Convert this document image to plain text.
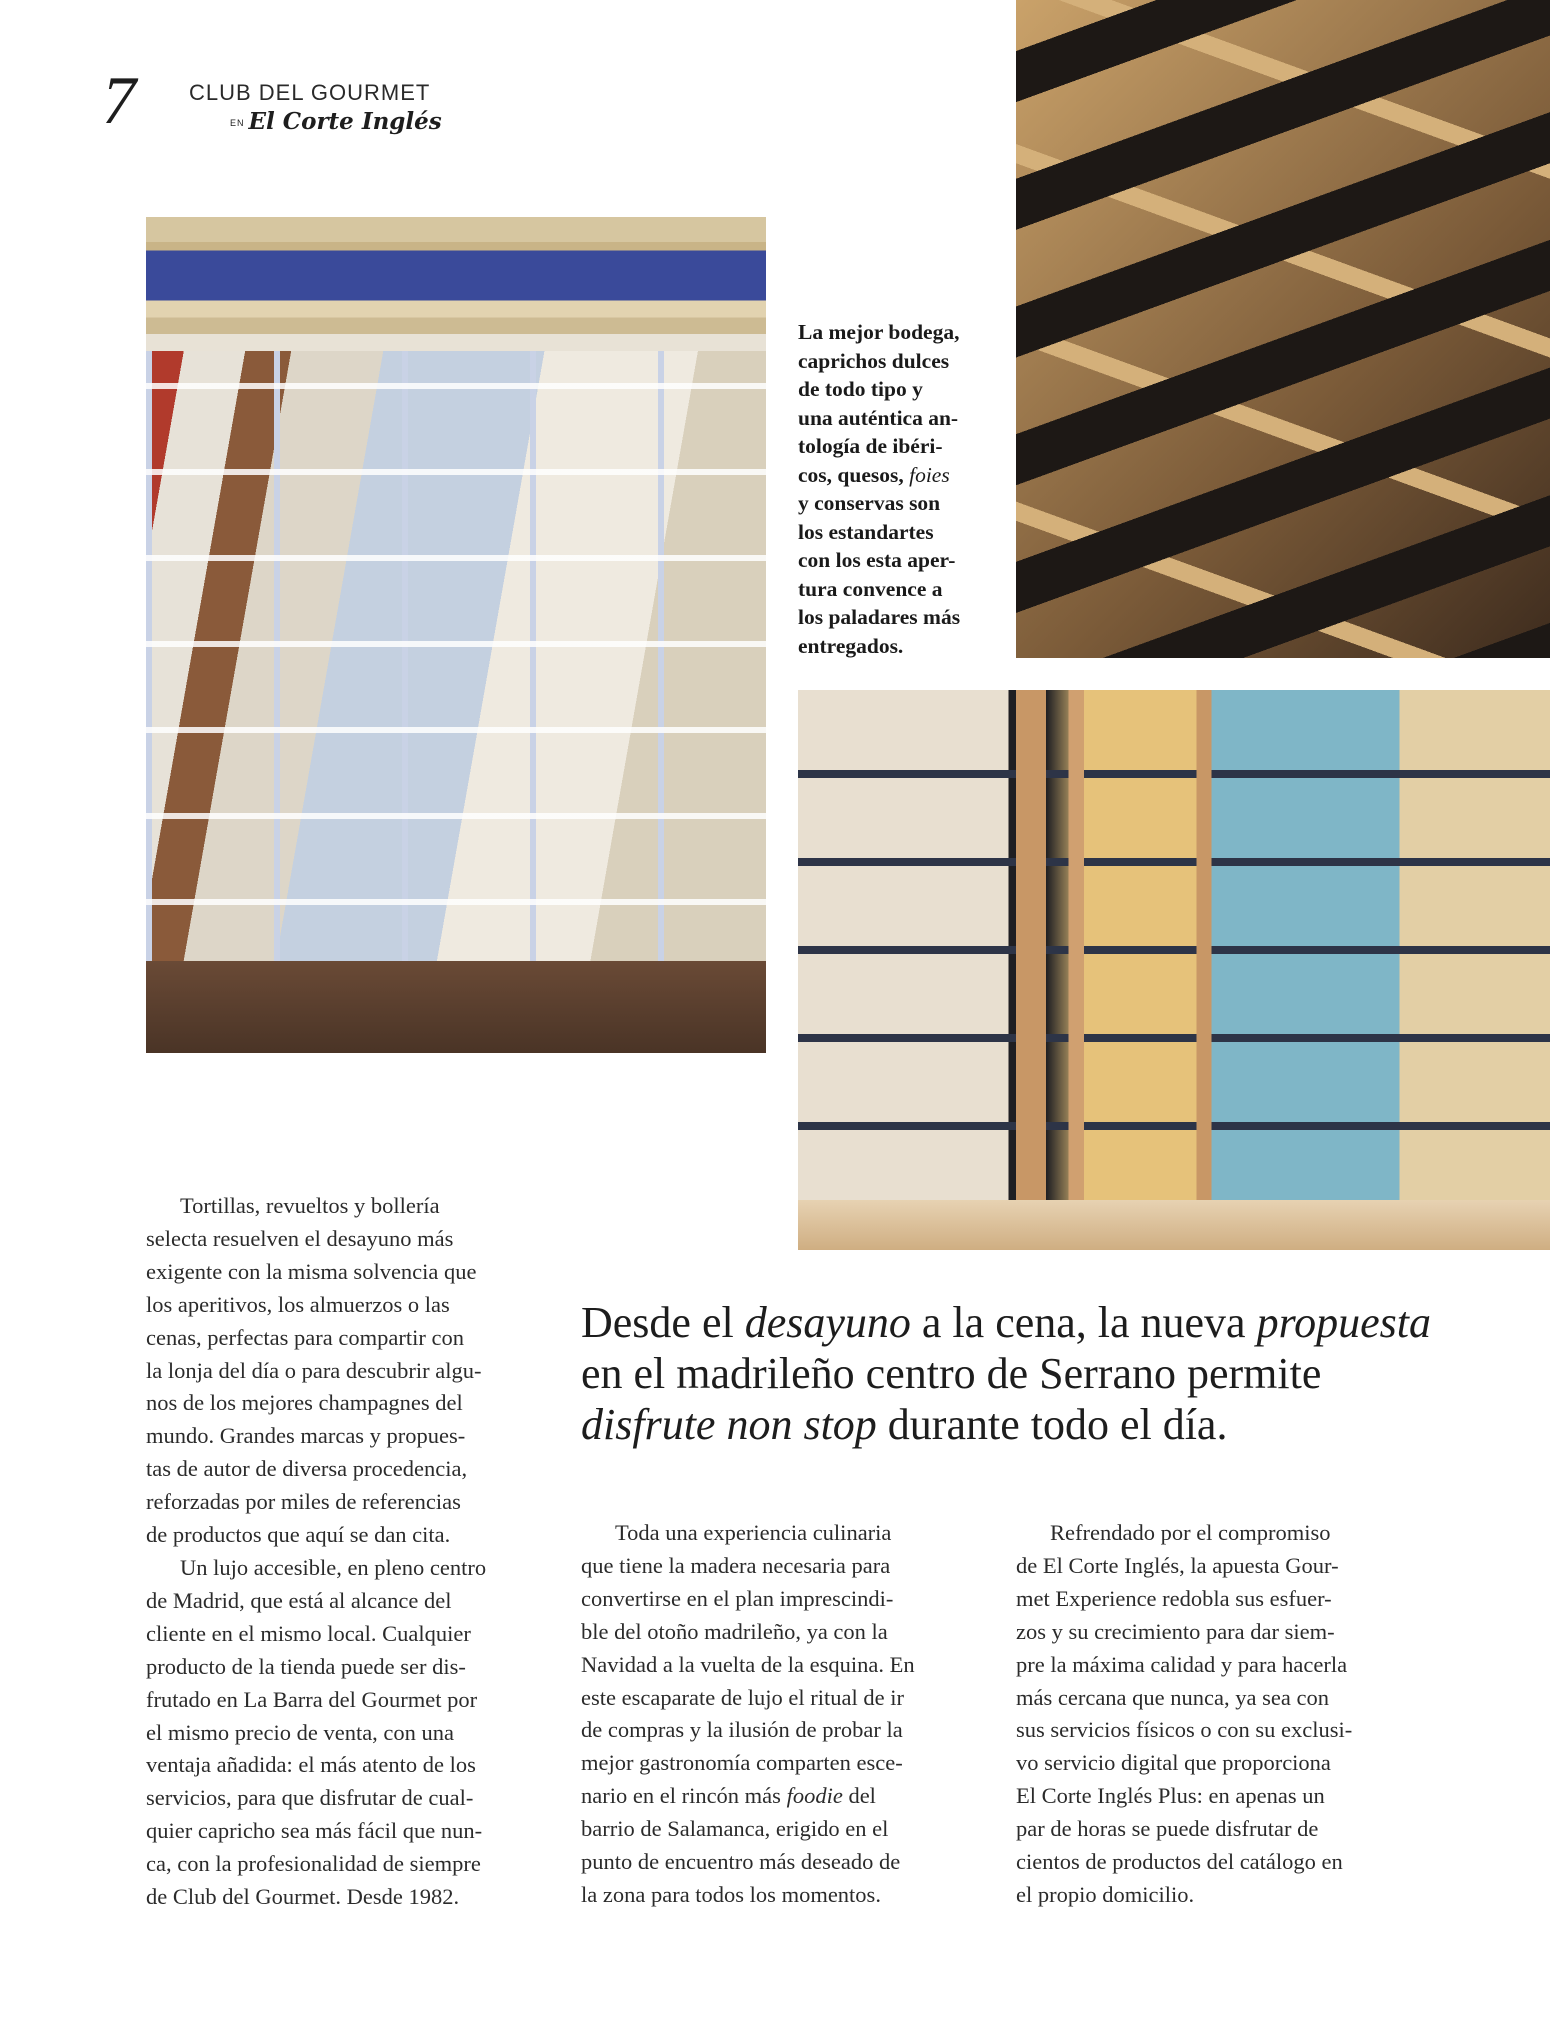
7 CLUB DEL GOURMET
EN El Corte Inglés
La mejor bodega,
caprichos dulces
de todo tipo y
una auténtica an-
tología de ibéri-
cos, quesos, foies
y conservas son
los estandartes
con los esta aper-
tura convence a
los paladares más
entregados.
Desde el desayuno a la cena, la nueva propuesta
en el madrileño centro de Serrano permite
disfrute non stop durante todo el día.
Tortillas, revueltos y bollería
selecta resuelven el desayuno más
exigente con la misma solvencia que
los aperitivos, los almuerzos o las
cenas, perfectas para compartir con
la lonja del día o para descubrir algu-
nos de los mejores champagnes del
mundo. Grandes marcas y propues-
tas de autor de diversa procedencia,
reforzadas por miles de referencias
de productos que aquí se dan cita.
Un lujo accesible, en pleno centro
de Madrid, que está al alcance del
cliente en el mismo local. Cualquier
producto de la tienda puede ser dis-
frutado en La Barra del Gourmet por
el mismo precio de venta, con una
ventaja añadida: el más atento de los
servicios, para que disfrutar de cual-
quier capricho sea más fácil que nun-
ca, con la profesionalidad de siempre
de Club del Gourmet. Desde 1982.
Toda una experiencia culinaria
que tiene la madera necesaria para
convertirse en el plan imprescindi-
ble del otoño madrileño, ya con la
Navidad a la vuelta de la esquina. En
este escaparate de lujo el ritual de ir
de compras y la ilusión de probar la
mejor gastronomía comparten esce-
nario en el rincón más foodie del
barrio de Salamanca, erigido en el
punto de encuentro más deseado de
la zona para todos los momentos.
Refrendado por el compromiso
de El Corte Inglés, la apuesta Gour-
met Experience redobla sus esfuer-
zos y su crecimiento para dar siem-
pre la máxima calidad y para hacerla
más cercana que nunca, ya sea con
sus servicios físicos o con su exclusi-
vo servicio digital que proporciona
El Corte Inglés Plus: en apenas un
par de horas se puede disfrutar de
cientos de productos del catálogo en
el propio domicilio.
